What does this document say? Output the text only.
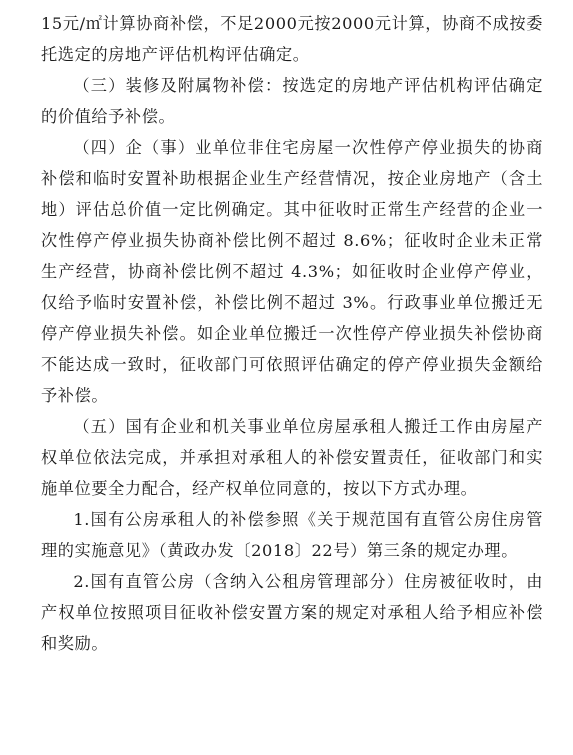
15元/㎡计算协商补偿，不足2000元按2000元计算，协商不成按委托选定的房地产评估机构评估确定。

（三）装修及附属物补偿：按选定的房地产评估机构评估确定的价值给予补偿。

（四）企（事）业单位非住宅房屋一次性停产停业损失的协商补偿和临时安置补助根据企业生产经营情况，按企业房地产（含土地）评估总价值一定比例确定。其中征收时正常生产经营的企业一次性停产停业损失协商补偿比例不超过 8.6%；征收时企业未正常生产经营，协商补偿比例不超过 4.3%；如征收时企业停产停业，仅给予临时安置补偿，补偿比例不超过 3%。行政事业单位搬迁无停产停业损失补偿。如企业单位搬迁一次性停产停业损失补偿协商不能达成一致时，征收部门可依照评估确定的停产停业损失金额给予补偿。

（五）国有企业和机关事业单位房屋承租人搬迁工作由房屋产权单位依法完成，并承担对承租人的补偿安置责任，征收部门和实施单位要全力配合，经产权单位同意的，按以下方式办理。

1.国有公房承租人的补偿参照《关于规范国有直管公房住房管理的实施意见》（黄政办发〔2018〕22号）第三条的规定办理。

2.国有直管公房（含纳入公租房管理部分）住房被征收时，由产权单位按照项目征收补偿安置方案的规定对承租人给予相应补偿和奖励。
